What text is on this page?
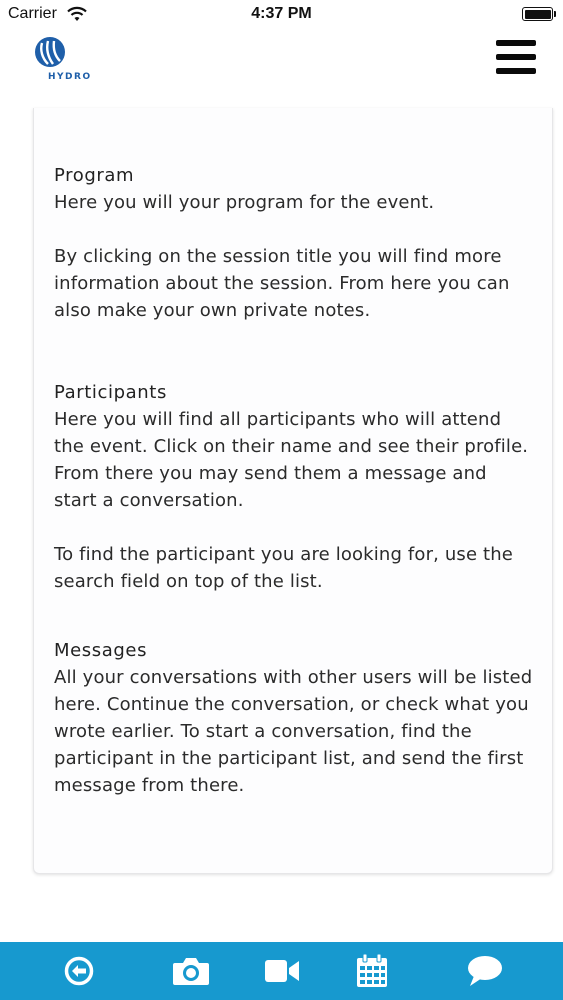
Carrier	4:37 PM
HYDRO
Program
Here you will your program for the event.
By clicking on the session title you will find more information about the session. From here you can also make your own private notes.
Participants
Here you will find all participants who will attend the event. Click on their name and see their profile. From there you may send them a message and start a conversation.
To find the participant you are looking for, use the search field on top of the list.
Messages
All your conversations with other users will be listed here. Continue the conversation, or check what you wrote earlier. To start a conversation, find the participant in the participant list, and send the first message from there.
